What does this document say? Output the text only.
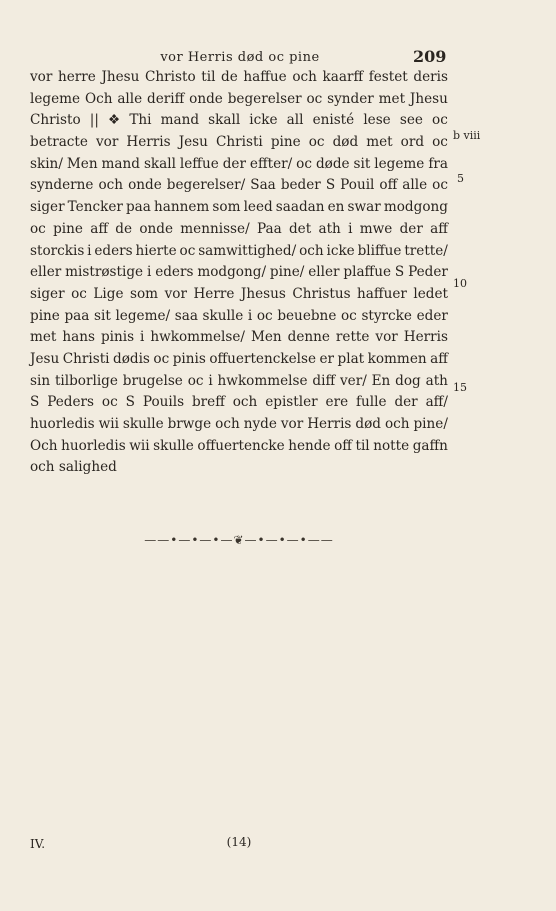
vor Herris død oc pine	209
vor herre Jhesu Christo til de haffue och kaarff festet deris
legeme Och alle deriff onde begerelser oc synder met Jhesu
Christo || ❖ Thi mand skall icke all enisté lese see oc
betracte vor Herris Jesu Christi pine oc død met ord oc
skin/ Men mand skall leffue der effter/ oc døde sit legeme fra
synderne och onde begerelser/ Saa beder S Pouil off alle oc
siger Tencker paa hannem som leed saadan en swar modgong
oc pine aff de onde mennisse/ Paa det ath i mwe der aff
storckis i eders hierte oc samwittighed/ och icke bliffue trette/
eller mistrøstige i eders modgong/ pine/ eller plaffue S Peder
siger oc Lige som vor Herre Jhesus Christus haffuer ledet
pine paa sit legeme/ saa skulle i oc beuebne oc styrcke eder
met hans pinis i hwkommelse/ Men denne rette vor Herris
Jesu Christi dødis oc pinis offuertenckelse er plat kommen aff
sin tilborlige brugelse oc i hwkommelse diff ver/ En dog ath
S Peders oc S Pouils breff och epistler ere fulle der aff/
huorledis wii skulle brwge och nyde vor Herris død och pine/
Och huorledis wii skulle offuertencke hende off til notte gaffn
och salighed
b viii
5
10
15
——•—•—•—❦—•—•—•——
IV.	(14)
